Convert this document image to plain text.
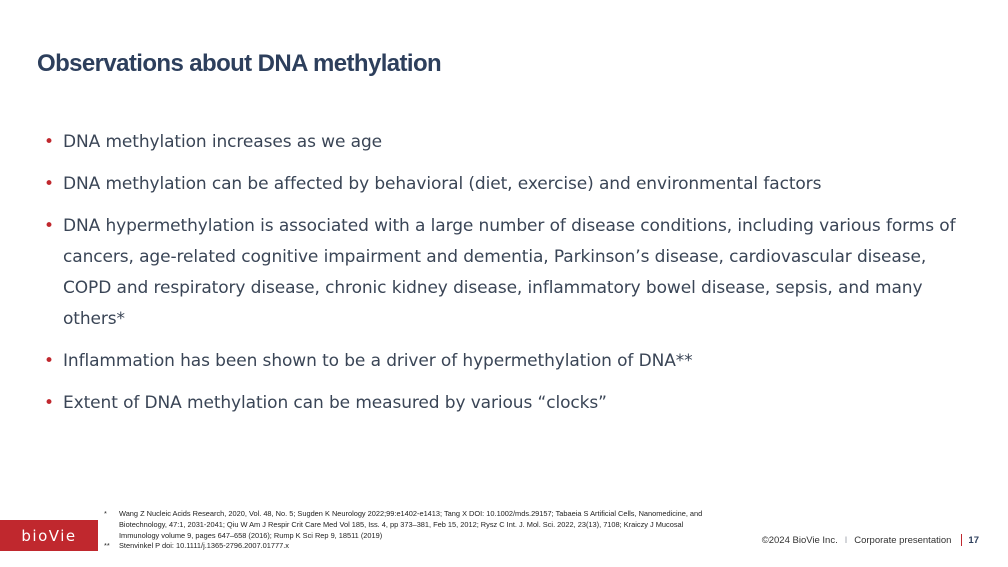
Observations about DNA methylation
• DNA methylation increases as we age
• DNA methylation can be affected by behavioral (diet, exercise) and environmental factors
• DNA hypermethylation is associated with a large number of disease conditions, including various forms of cancers, age-related cognitive impairment and dementia, Parkinson’s disease, cardiovascular disease, COPD and respiratory disease, chronic kidney disease, inflammatory bowel disease, sepsis, and many others*
• Inflammation has been shown to be a driver of hypermethylation of DNA**
• Extent of DNA methylation can be measured by various “clocks”
* Wang Z Nucleic Acids Research, 2020, Vol. 48, No. 5; Sugden K Neurology 2022;99:e1402-e1413; Tang X DOI: 10.1002/mds.29157; Tabaeia S Artificial Cells, Nanomedicine, and Biotechnology, 47:1, 2031-2041; Qiu W Am J Respir Crit Care Med Vol 185, Iss. 4, pp 373–381, Feb 15, 2012; Rysz C Int. J. Mol. Sci. 2022, 23(13), 7108; Kraiczy J Mucosal Immunology volume 9, pages 647–658 (2016); Rump K Sci Rep 9, 18511 (2019)
** Stenvinkel P doi: 10.1111/j.1365-2796.2007.01777.x
bioVie	©2024 BioVie Inc. I Corporate presentation 17
